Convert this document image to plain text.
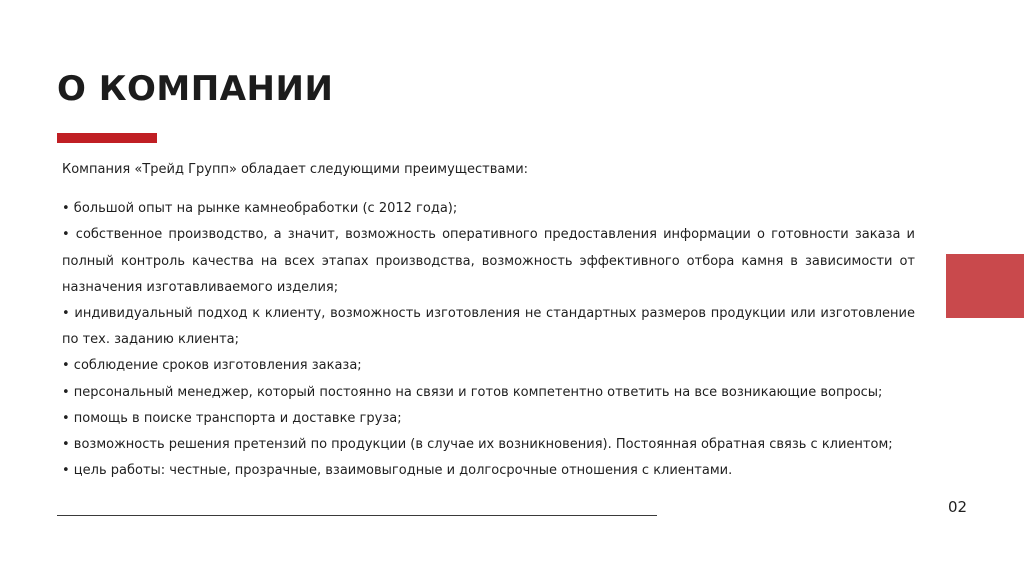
О КОМПАНИИ

Компания «Трейд Групп» обладает следующими преимуществами:

• большой опыт на рынке камнеобработки (с 2012 года);
• собственное производство, а значит, возможность оперативного предоставления информации о готовности заказа и полный контроль качества на всех этапах производства, возможность эффективного отбора камня в зависимости от назначения изготавливаемого изделия;
• индивидуальный подход к клиенту, возможность изготовления не стандартных размеров продукции или изготовление по тех. заданию клиента;
• соблюдение сроков изготовления заказа;
• персональный менеджер, который постоянно на связи и готов компетентно ответить на все возникающие вопросы;
• помощь в поиске транспорта и доставке груза;
• возможность решения претензий по продукции (в случае их возникновения). Постоянная обратная связь с клиентом;
• цель работы: честные, прозрачные, взаимовыгодные и долгосрочные отношения с клиентами.
02
